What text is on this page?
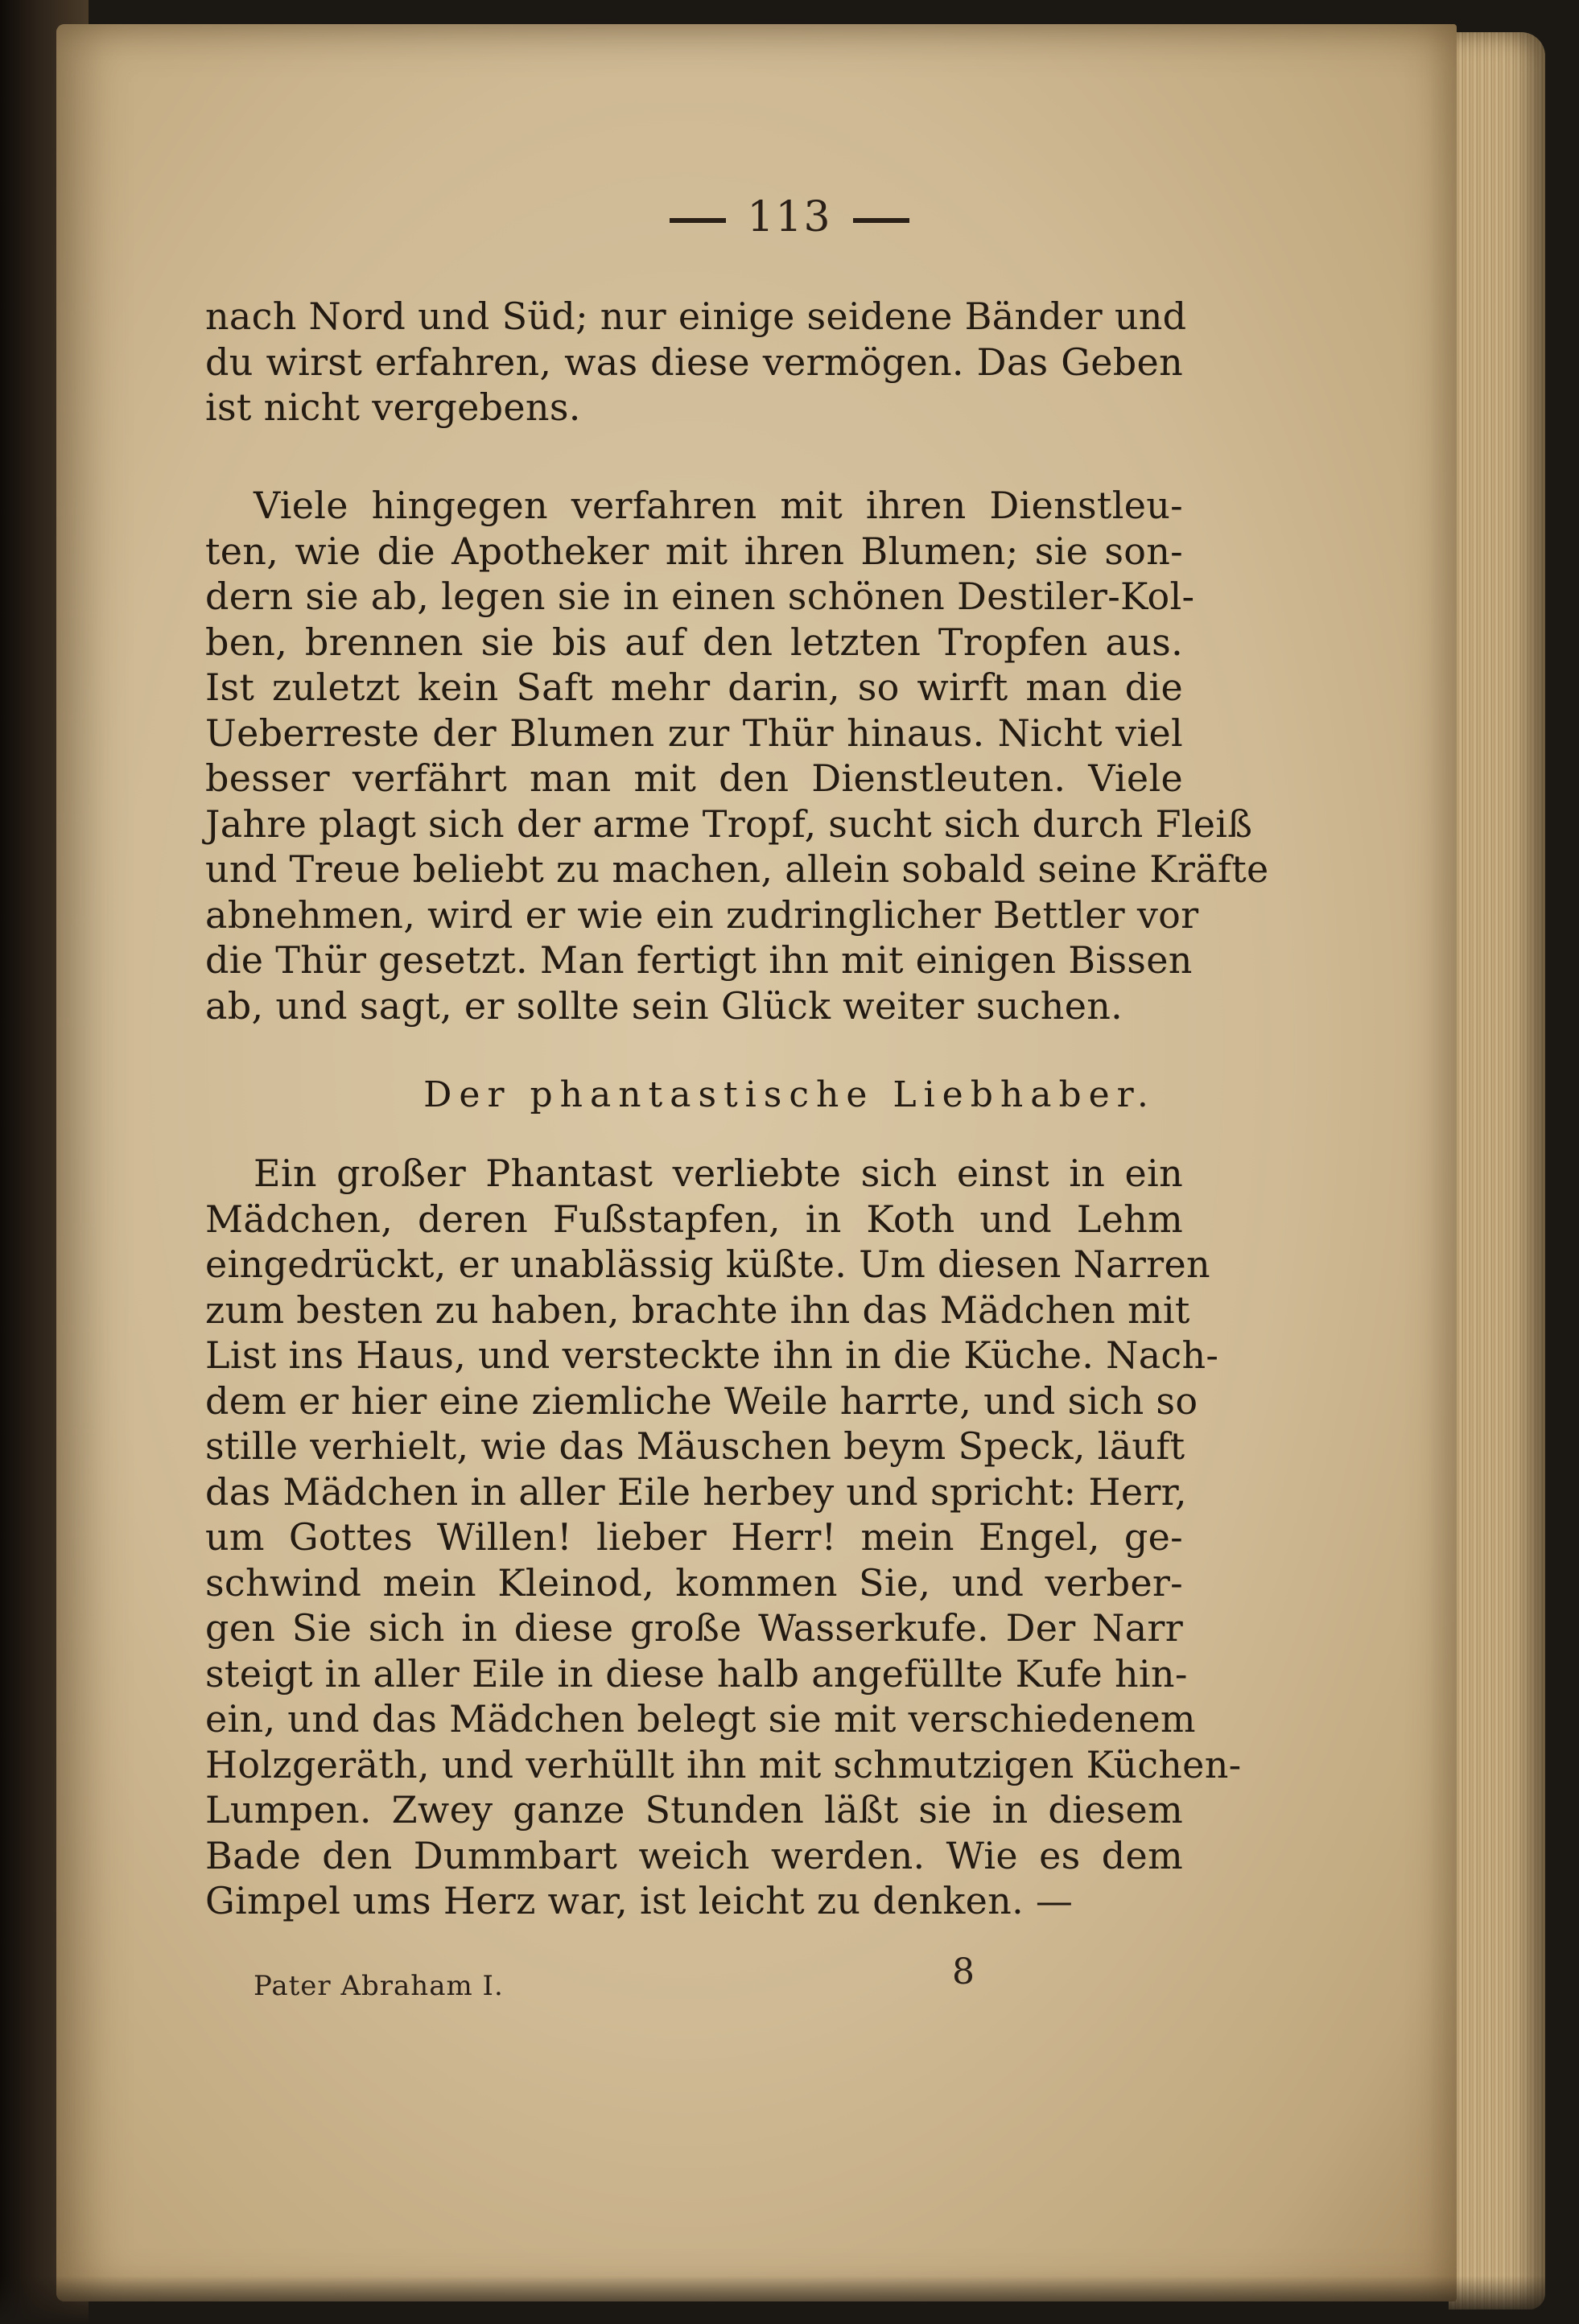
113
nach Nord und Süd; nur einige seidene Bänder und
du wirst erfahren, was diese vermögen. Das Geben
ist nicht vergebens.
Viele hingegen verfahren mit ihren Dienstleu-
ten, wie die Apotheker mit ihren Blumen; sie son-
dern sie ab, legen sie in einen schönen Destiler-Kol-
ben, brennen sie bis auf den letzten Tropfen aus.
Ist zuletzt kein Saft mehr darin, so wirft man die
Ueberreste der Blumen zur Thür hinaus. Nicht viel
besser verfährt man mit den Dienstleuten. Viele
Jahre plagt sich der arme Tropf, sucht sich durch Fleiß
und Treue beliebt zu machen, allein sobald seine Kräfte
abnehmen, wird er wie ein zudringlicher Bettler vor
die Thür gesetzt. Man fertigt ihn mit einigen Bissen
ab, und sagt, er sollte sein Glück weiter suchen.
Der phantastische Liebhaber.
Ein großer Phantast verliebte sich einst in ein
Mädchen, deren Fußstapfen, in Koth und Lehm
eingedrückt, er unablässig küßte. Um diesen Narren
zum besten zu haben, brachte ihn das Mädchen mit
List ins Haus, und versteckte ihn in die Küche. Nach-
dem er hier eine ziemliche Weile harrte, und sich so
stille verhielt, wie das Mäuschen beym Speck, läuft
das Mädchen in aller Eile herbey und spricht: Herr,
um Gottes Willen! lieber Herr! mein Engel, ge-
schwind mein Kleinod, kommen Sie, und verber-
gen Sie sich in diese große Wasserkufe. Der Narr
steigt in aller Eile in diese halb angefüllte Kufe hin-
ein, und das Mädchen belegt sie mit verschiedenem
Holzgeräth, und verhüllt ihn mit schmutzigen Küchen-
Lumpen. Zwey ganze Stunden läßt sie in diesem
Bade den Dummbart weich werden. Wie es dem
Gimpel ums Herz war, ist leicht zu denken. —
Pater Abraham I.	8
